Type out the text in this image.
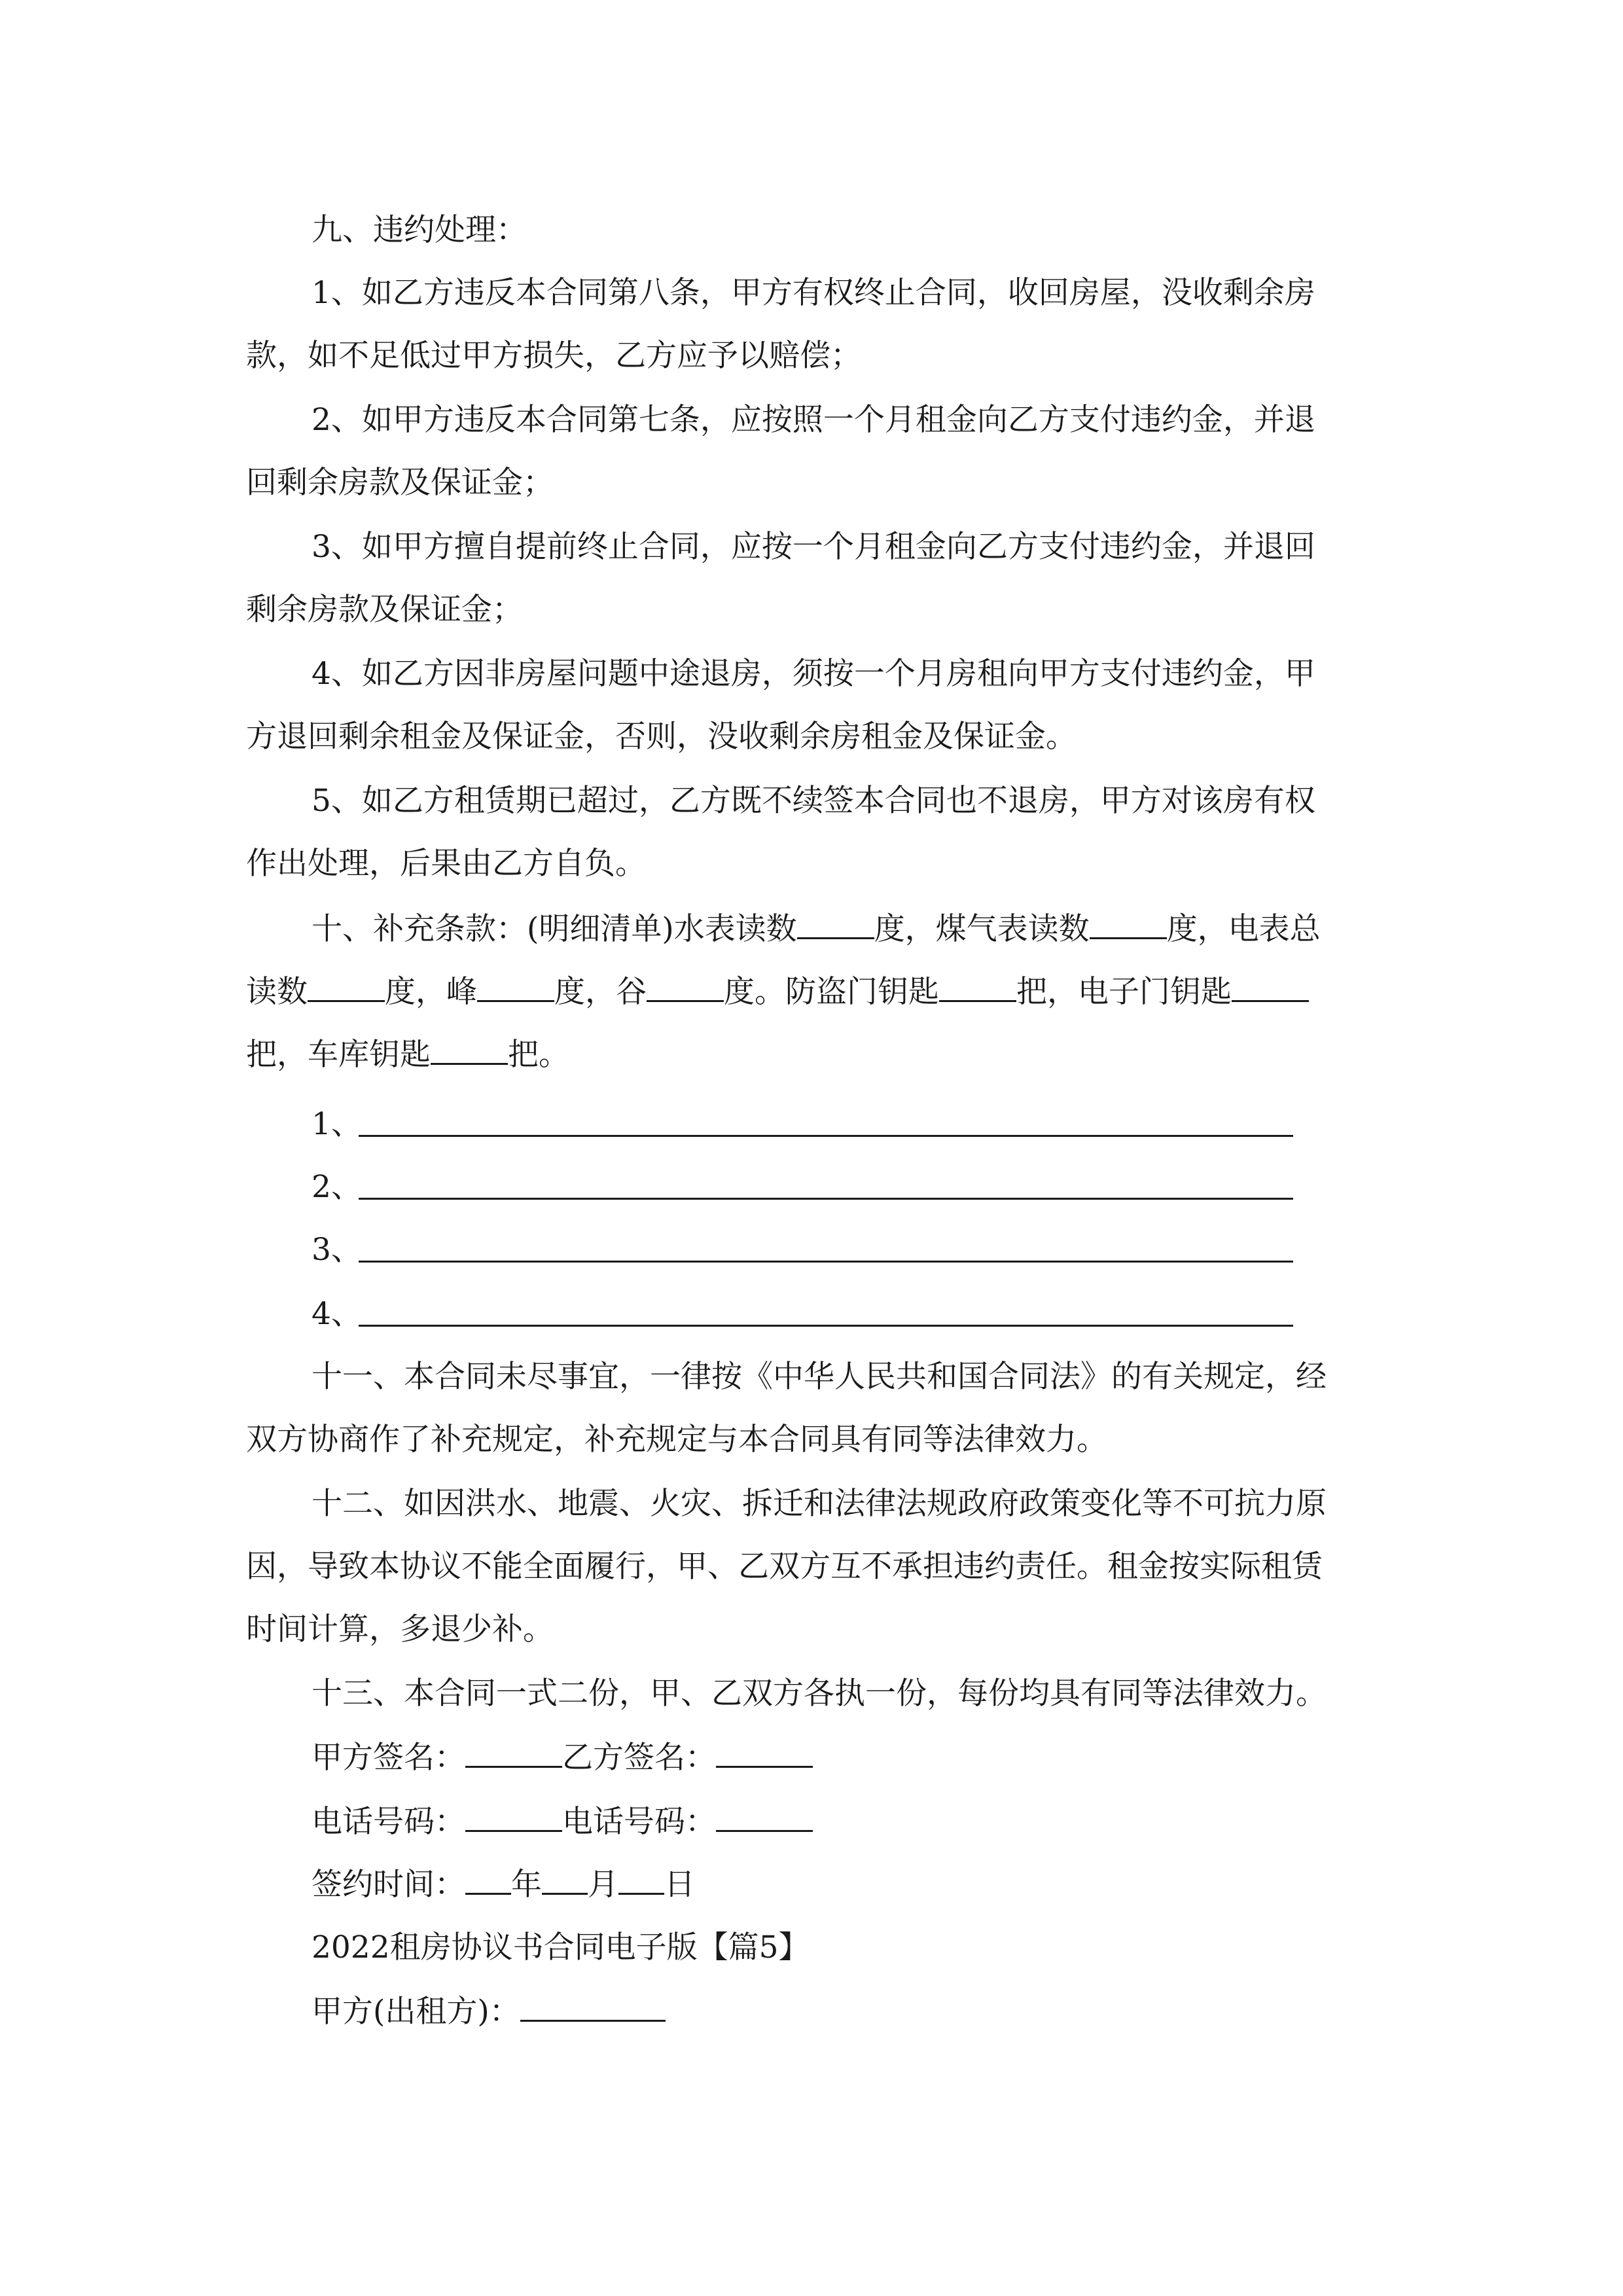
九、违约处理：
1、如乙方违反本合同第八条，甲方有权终止合同，收回房屋，没收剩余房
款，如不足低过甲方损失，乙方应予以赔偿；
2、如甲方违反本合同第七条，应按照一个月租金向乙方支付违约金，并退
回剩余房款及保证金；
3、如甲方擅自提前终止合同，应按一个月租金向乙方支付违约金，并退回
剩余房款及保证金；
4、如乙方因非房屋问题中途退房，须按一个月房租向甲方支付违约金，甲
方退回剩余租金及保证金，否则，没收剩余房租金及保证金。
5、如乙方租赁期已超过，乙方既不续签本合同也不退房，甲方对该房有权
作出处理，后果由乙方自负。
十、补充条款：(明细清单)水表读数	度，煤气表读数	度，电表总
读数	度，峰	度，谷	度。防盗门钥匙	把，电子门钥匙
把，车库钥匙	把。
1、
2、
3、
4、
十一、本合同未尽事宜，一律按《中华人民共和国合同法》的有关规定，经
双方协商作了补充规定，补充规定与本合同具有同等法律效力。
十二、如因洪水、地震、火灾、拆迁和法律法规政府政策变化等不可抗力原
因，导致本协议不能全面履行，甲、乙双方互不承担违约责任。租金按实际租赁
时间计算，多退少补。
十三、本合同一式二份，甲、乙双方各执一份，每份均具有同等法律效力。
甲方签名：	乙方签名：
电话号码：	电话号码：
签约时间： 年 月 日
2022租房协议书合同电子版【篇5】
甲方(出租方)：
